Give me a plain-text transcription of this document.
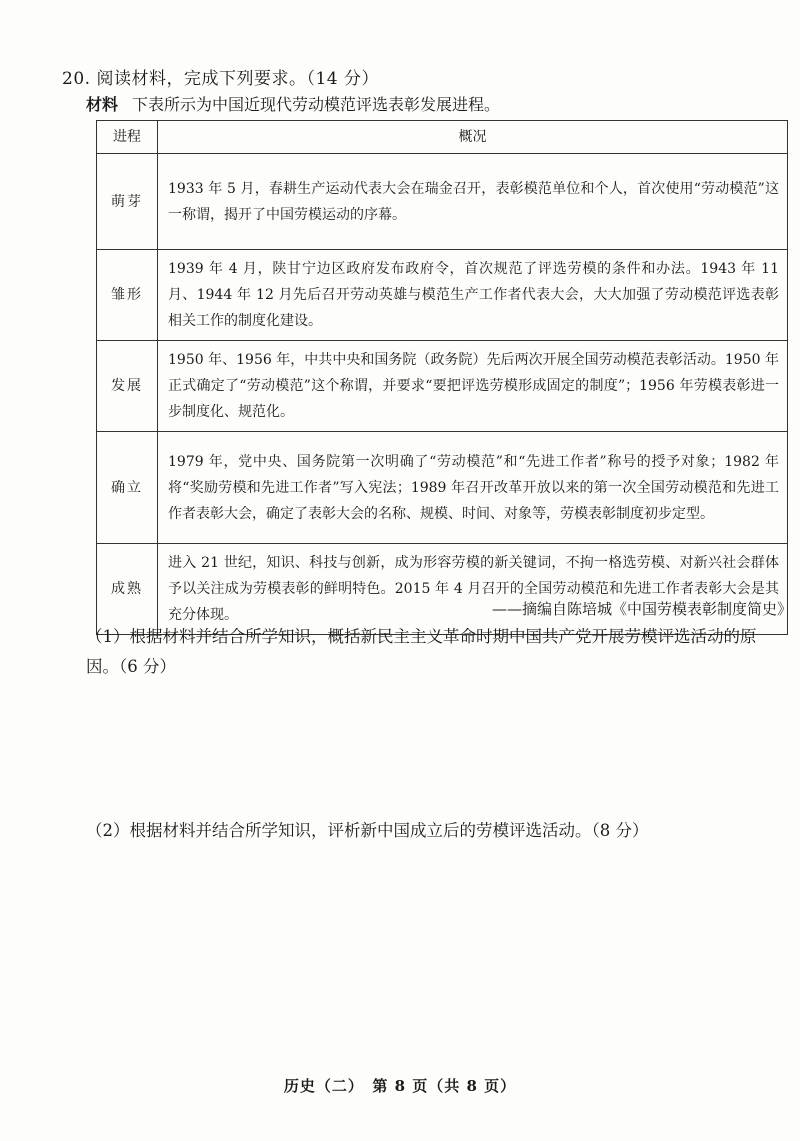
20. 阅读材料，完成下列要求。（14 分）
材料 下表所示为中国近现代劳动模范评选表彰发展进程。
进程	概况
萌芽	1933 年 5 月，春耕生产运动代表大会在瑞金召开，表彰模范单位和个人，首次使用“劳动模范”这一称谓，揭开了中国劳模运动的序幕。
雏形	1939 年 4 月，陕甘宁边区政府发布政府令，首次规范了评选劳模的条件和办法。1943 年 11 月、1944 年 12 月先后召开劳动英雄与模范生产工作者代表大会，大大加强了劳动模范评选表彰相关工作的制度化建设。
发展	1950 年、1956 年，中共中央和国务院（政务院）先后两次开展全国劳动模范表彰活动。1950 年正式确定了“劳动模范”这个称谓，并要求“要把评选劳模形成固定的制度”；1956 年劳模表彰进一步制度化、规范化。
确立	1979 年，党中央、国务院第一次明确了“劳动模范”和“先进工作者”称号的授予对象；1982 年将“奖励劳模和先进工作者”写入宪法；1989 年召开改革开放以来的第一次全国劳动模范和先进工作者表彰大会，确定了表彰大会的名称、规模、时间、对象等，劳模表彰制度初步定型。
成熟	进入 21 世纪，知识、科技与创新，成为形容劳模的新关键词，不拘一格选劳模、对新兴社会群体予以关注成为劳模表彰的鲜明特色。2015 年 4 月召开的全国劳动模范和先进工作者表彰大会是其充分体现。	——摘编自陈培城《中国劳模表彰制度简史》
（1）根据材料并结合所学知识，概括新民主主义革命时期中国共产党开展劳模评选活动的原因。（6 分）
（2）根据材料并结合所学知识，评析新中国成立后的劳模评选活动。（8 分）
历史（二）　第 8 页（共 8 页）
